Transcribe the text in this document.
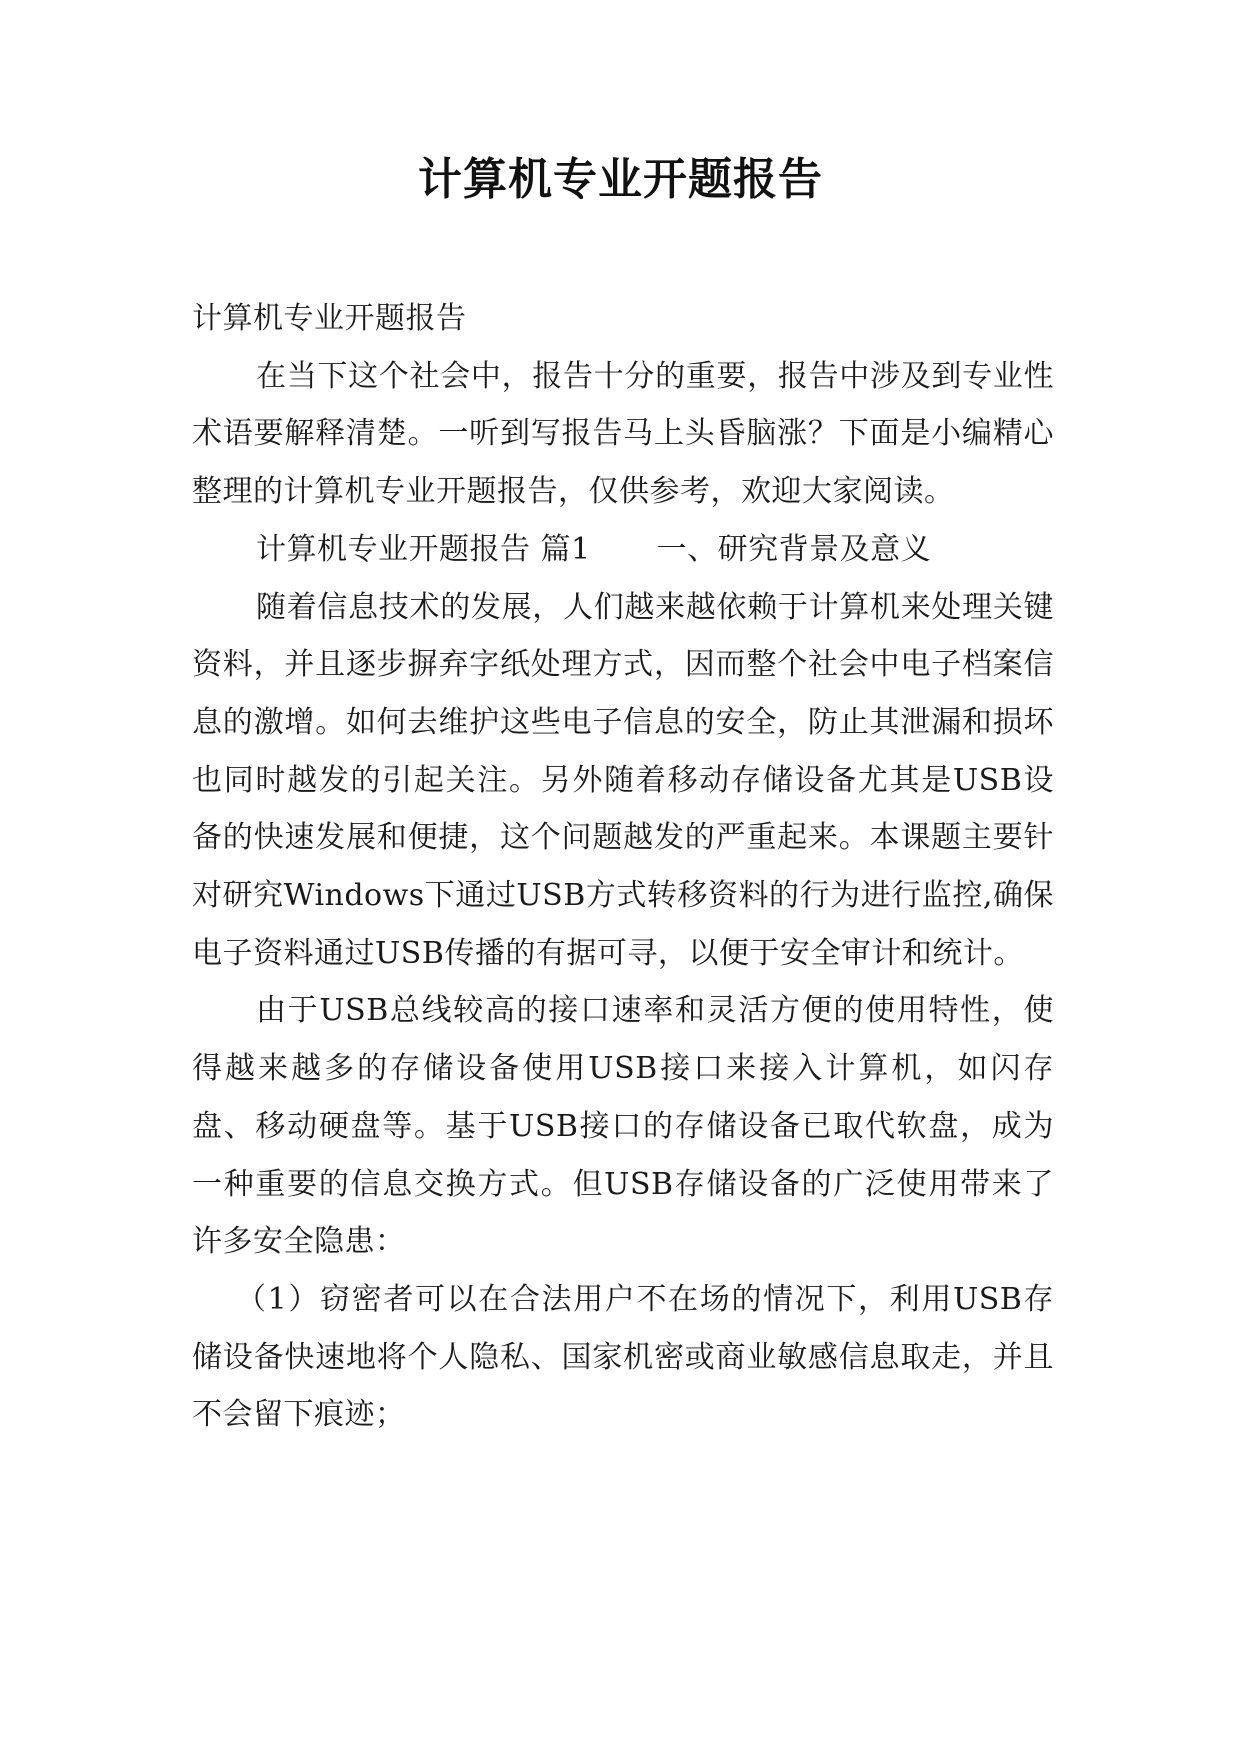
计算机专业开题报告

计算机专业开题报告

在当下这个社会中，报告十分的重要，报告中涉及到专业性术语要解释清楚。一听到写报告马上头昏脑涨？下面是小编精心整理的计算机专业开题报告，仅供参考，欢迎大家阅读。

计算机专业开题报告 篇1 一、研究背景及意义

随着信息技术的发展，人们越来越依赖于计算机来处理关键资料，并且逐步摒弃字纸处理方式，因而整个社会中电子档案信息的激增。如何去维护这些电子信息的安全，防止其泄漏和损坏也同时越发的引起关注。另外随着移动存储设备尤其是USB设备的快速发展和便捷，这个问题越发的严重起来。本课题主要针对研究Windows下通过USB方式转移资料的行为进行监控,确保电子资料通过USB传播的有据可寻，以便于安全审计和统计。

由于USB总线较高的接口速率和灵活方便的使用特性，使得越来越多的存储设备使用USB接口来接入计算机，如闪存盘、移动硬盘等。基于USB接口的存储设备已取代软盘，成为一种重要的信息交换方式。但USB存储设备的广泛使用带来了许多安全隐患：

（1）窃密者可以在合法用户不在场的情况下，利用USB存储设备快速地将个人隐私、国家机密或商业敏感信息取走，并且不会留下痕迹；
